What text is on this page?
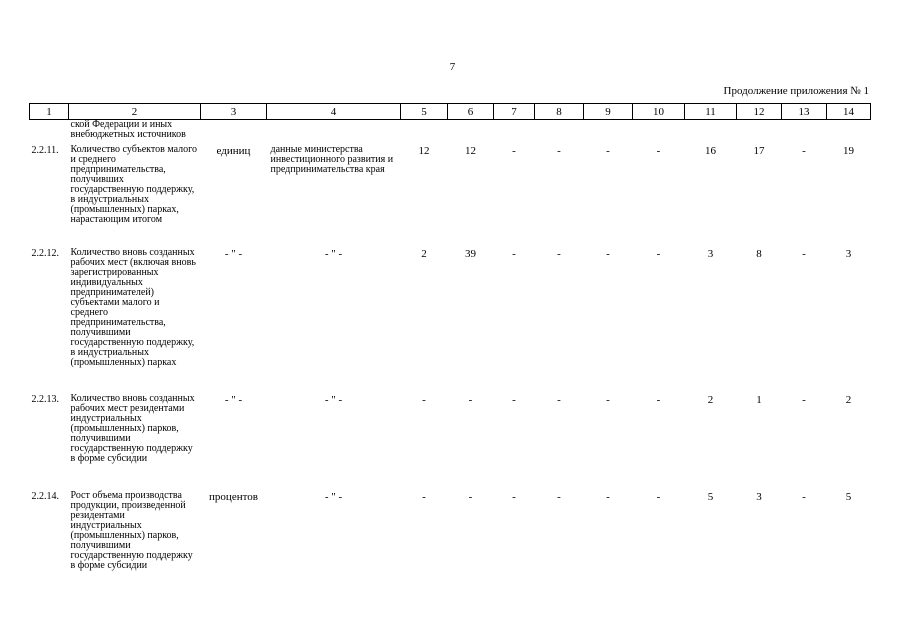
7
Продолжение приложения № 1
1	2	3	4	5	6	7	8	9	10	11	12	13	14

	ской Федерации и иных внебюджетных источников												

2.2.11.	Количество субъектов малого и среднего предпринимательства, получивших государственную поддержку, в индустриальных (промышленных) парках, нарастающим итогом	единиц	данные министерства инвестиционного развития и предпринимательства края	12	12	-	-	-	-	16	17	-	19
2.2.12.	Количество вновь созданных рабочих мест (включая вновь зарегистрированных индивидуальных предпринимателей) субъектами малого и среднего предпринимательства, получившими государственную поддержку, в индустриальных (промышленных) парках	- " -	- " -	2	39	-	-	-	-	3	8	-	3
2.2.13.	Количество вновь созданных рабочих мест резидентами индустриальных (промышленных) парков, получившими государственную поддержку в форме субсидии	- " -	- " -	-	-	-	-	-	-	2	1	-	2
2.2.14.	Рост объема производства продукции, произведенной резидентами индустриальных (промышленных) парков, получившими государственную поддержку в форме субсидии	процентов	- " -	-	-	-	-	-	-	5	3	-	5
